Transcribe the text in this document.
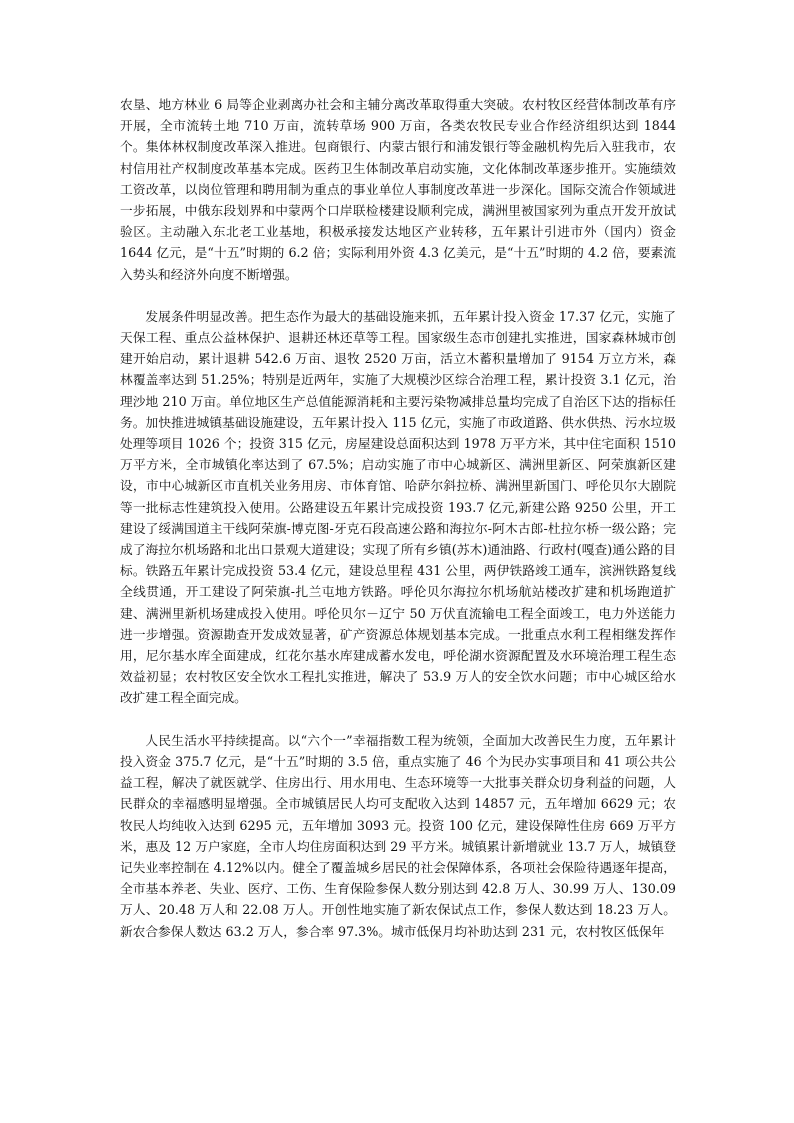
农垦、地方林业 6 局等企业剥离办社会和主辅分离改革取得重大突破。农村牧区经营体制改革有序开展，全市流转土地 710 万亩，流转草场 900 万亩，各类农牧民专业合作经济组织达到 1844 个。集体林权制度改革深入推进。包商银行、内蒙古银行和浦发银行等金融机构先后入驻我市，农村信用社产权制度改革基本完成。医药卫生体制改革启动实施，文化体制改革逐步推开。实施绩效工资改革，以岗位管理和聘用制为重点的事业单位人事制度改革进一步深化。国际交流合作领域进一步拓展，中俄东段划界和中蒙两个口岸联检楼建设顺利完成，满洲里被国家列为重点开发开放试验区。主动融入东北老工业基地，积极承接发达地区产业转移，五年累计引进市外（国内）资金 1644 亿元，是“十五”时期的 6.2 倍；实际利用外资 4.3 亿美元，是“十五”时期的 4.2 倍，要素流入势头和经济外向度不断增强。

发展条件明显改善。把生态作为最大的基础设施来抓，五年累计投入资金 17.37 亿元，实施了天保工程、重点公益林保护、退耕还林还草等工程。国家级生态市创建扎实推进，国家森林城市创建开始启动，累计退耕 542.6 万亩、退牧 2520 万亩，活立木蓄积量增加了 9154 万立方米，森林覆盖率达到 51.25%；特别是近两年，实施了大规模沙区综合治理工程，累计投资 3.1 亿元，治理沙地 210 万亩。单位地区生产总值能源消耗和主要污染物减排总量均完成了自治区下达的指标任务。加快推进城镇基础设施建设，五年累计投入 115 亿元，实施了市政道路、供水供热、污水垃圾处理等项目 1026 个；投资 315 亿元，房屋建设总面积达到 1978 万平方米，其中住宅面积 1510 万平方米，全市城镇化率达到了 67.5%；启动实施了市中心城新区、满洲里新区、阿荣旗新区建设，市中心城新区市直机关业务用房、市体育馆、哈萨尔斜拉桥、满洲里新国门、呼伦贝尔大剧院等一批标志性建筑投入使用。公路建设五年累计完成投资 193.7 亿元,新建公路 9250 公里，开工建设了绥满国道主干线阿荣旗-博克图-牙克石段高速公路和海拉尔-阿木古郎-杜拉尔桥一级公路；完成了海拉尔机场路和北出口景观大道建设；实现了所有乡镇(苏木)通油路、行政村(嘎查)通公路的目标。铁路五年累计完成投资 53.4 亿元，建设总里程 431 公里，两伊铁路竣工通车，滨洲铁路复线全线贯通，开工建设了阿荣旗-扎兰屯地方铁路。呼伦贝尔海拉尔机场航站楼改扩建和机场跑道扩建、满洲里新机场建成投入使用。呼伦贝尔－辽宁 50 万伏直流输电工程全面竣工，电力外送能力进一步增强。资源勘查开发成效显著，矿产资源总体规划基本完成。一批重点水利工程相继发挥作用，尼尔基水库全面建成，红花尔基水库建成蓄水发电，呼伦湖水资源配置及水环境治理工程生态效益初显；农村牧区安全饮水工程扎实推进，解决了 53.9 万人的安全饮水问题；市中心城区给水改扩建工程全面完成。

人民生活水平持续提高。以“六个一”幸福指数工程为统领，全面加大改善民生力度，五年累计投入资金 375.7 亿元，是“十五”时期的 3.5 倍，重点实施了 46 个为民办实事项目和 41 项公共公益工程，解决了就医就学、住房出行、用水用电、生态环境等一大批事关群众切身利益的问题，人民群众的幸福感明显增强。全市城镇居民人均可支配收入达到 14857 元，五年增加 6629 元；农牧民人均纯收入达到 6295 元，五年增加 3093 元。投资 100 亿元，建设保障性住房 669 万平方米，惠及 12 万户家庭，全市人均住房面积达到 29 平方米。城镇累计新增就业 13.7 万人，城镇登记失业率控制在 4.12%以内。健全了覆盖城乡居民的社会保障体系，各项社会保险待遇逐年提高，全市基本养老、失业、医疗、工伤、生育保险参保人数分别达到 42.8 万人、30.99 万人、130.09 万人、20.48 万人和 22.08 万人。开创性地实施了新农保试点工作，参保人数达到 18.23 万人。新农合参保人数达 63.2 万人，参合率 97.3%。城市低保月均补助达到 231 元，农村牧区低保年
